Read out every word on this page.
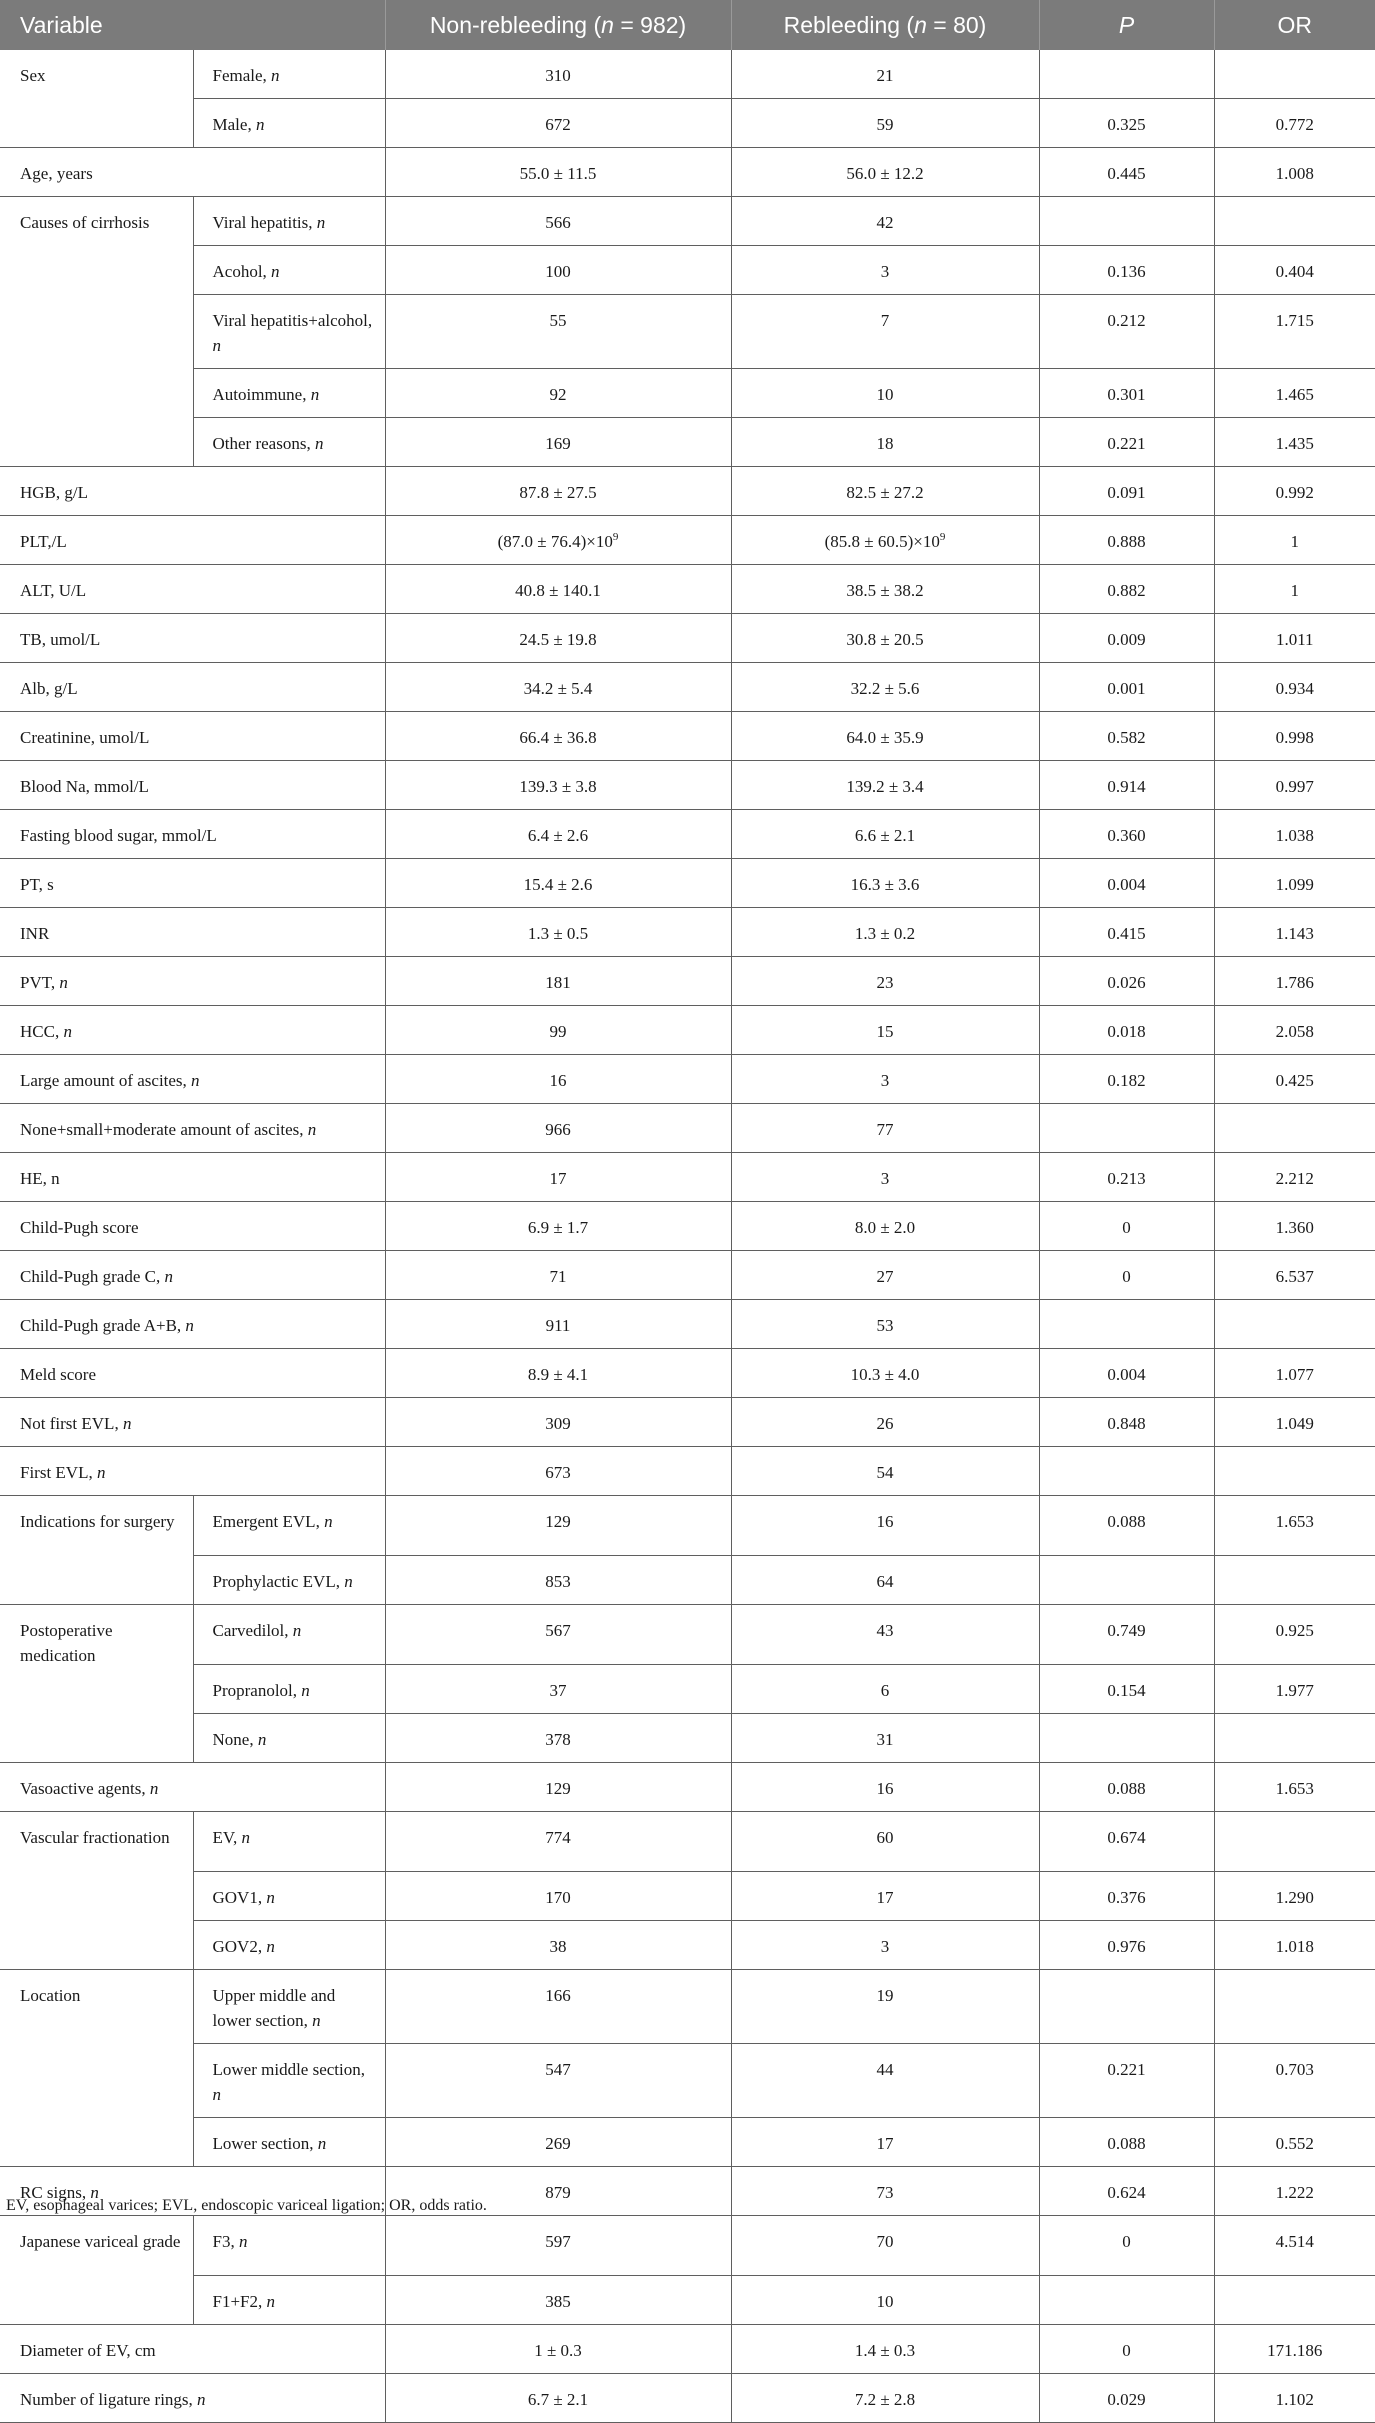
Variable		Non-rebleeding (n = 982)	Rebleeding (n = 80)	P	OR
Sex	Female, n	310	21		
	Male, n	672	59	0.325	0.772
Age, years		55.0 ± 11.5	56.0 ± 12.2	0.445	1.008
Causes of cirrhosis	Viral hepatitis, n	566	42		
	Acohol, n	100	3	0.136	0.404
	Viral hepatitis+alcohol, n	55	7	0.212	1.715
	Autoimmune, n	92	10	0.301	1.465
	Other reasons, n	169	18	0.221	1.435
HGB, g/L		87.8 ± 27.5	82.5 ± 27.2	0.091	0.992
PLT,/L		$(87.0 \pm 76.4)\times 10^9$	$(85.8 \pm 60.5)\times 10^9$	0.888	1
ALT, U/L		40.8 ± 140.1	38.5 ± 38.2	0.882	1
TB, umol/L		24.5 ± 19.8	30.8 ± 20.5	0.009	1.011
Alb, g/L		34.2 ± 5.4	32.2 ± 5.6	0.001	0.934
Creatinine, umol/L		66.4 ± 36.8	64.0 ± 35.9	0.582	0.998
Blood Na, mmol/L		139.3 ± 3.8	139.2 ± 3.4	0.914	0.997
Fasting blood sugar, mmol/L		6.4 ± 2.6	6.6 ± 2.1	0.360	1.038
PT, s		15.4 ± 2.6	16.3 ± 3.6	0.004	1.099
INR		1.3 ± 0.5	1.3 ± 0.2	0.415	1.143
PVT, n		181	23	0.026	1.786
HCC, n		99	15	0.018	2.058
Large amount of ascites, n		16	3	0.182	0.425
None+small+moderate amount of ascites, n		966	77		
HE, n		17	3	0.213	2.212
Child-Pugh score		6.9 ± 1.7	8.0 ± 2.0	0	1.360
Child-Pugh grade C, n		71	27	0	6.537
Child-Pugh grade A+B, n		911	53		
Meld score		8.9 ± 4.1	10.3 ± 4.0	0.004	1.077
Not first EVL, n		309	26	0.848	1.049
First EVL, n		673	54		
Indications for surgery	Emergent EVL, n	129	16	0.088	1.653
	Prophylactic EVL, n	853	64		
Postoperative medication	Carvedilol, n	567	43	0.749	0.925
	Propranolol, n	37	6	0.154	1.977
	None, n	378	31		
Vasoactive agents, n		129	16	0.088	1.653
Vascular fractionation	EV, n	774	60	0.674	
	GOV1, n	170	17	0.376	1.290
	GOV2, n	38	3	0.976	1.018
Location	Upper middle and lower section, n	166	19		
	Lower middle section, n	547	44	0.221	0.703
	Lower section, n	269	17	0.088	0.552
RC signs, n		879	73	0.624	1.222
Japanese variceal grade	F3, n	597	70	0	4.514
	F1+F2, n	385	10		
Diameter of EV, cm		1 ± 0.3	1.4 ± 0.3	0	171.186
Number of ligature rings, n		6.7 ± 2.1	7.2 ± 2.8	0.029	1.102
EV, esophageal varices; EVL, endoscopic variceal ligation; OR, odds ratio.
